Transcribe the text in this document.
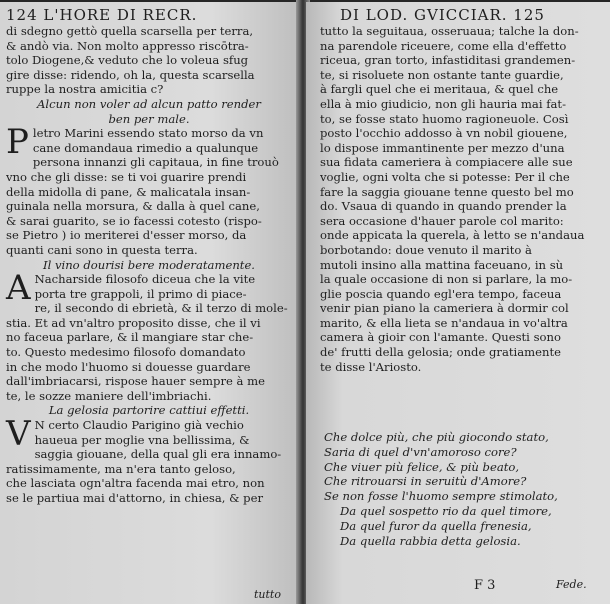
124 L'HORE DI RECR.
di sdegno gettò quella scarsella per terra,
& andò via. Non molto appresso riscōtra-
tolo Diogene,& veduto che lo voleua sfug
gire disse: ridendo, oh la, questa scarsella
ruppe la nostra amicitia c?
Alcun non voler ad alcun patto render
ben per male.
P letro Marini essendo stato morso da vn
cane domandaua rimedio a qualunque
persona innanzi gli capitaua, in fine trouò
vno che gli disse: se ti voi guarire prendi
della midolla di pane, & malicatala insan-
guinala nella morsura, & dalla à quel cane,
& sarai guarito, se io facessi cotesto (rispo-
se Pietro ) io meriterei d'esser morso, da
quanti cani sono in questa terra.
Il vino dourisi bere moderatamente.
A Nacharside filosofo diceua che la vite
porta tre grappoli, il primo di piace-
re, il secondo di ebrietà, & il terzo di mole-
stia. Et ad vn'altro proposito disse, che il vi
no faceua parlare, & il mangiare star che-
to. Questo medesimo filosofo domandato
in che modo l'huomo si douesse guardare
dall'imbriacarsi, rispose hauer sempre à me
te, le sozze maniere dell'imbriachi.
La gelosia partorire cattiui effetti.
V N certo Claudio Parigino già vechio
haueua per moglie vna bellissima, &
saggia giouane, della qual gli era innamo-
ratissimamente, ma n'era tanto geloso,
che lasciata ogn'altra facenda mai etro, non
se le partiua mai d'attorno, in chiesa, & per
tutto
DI LOD. GVICCIAR. 125
tutto la seguitaua, osseruaua; talche la don-
na parendole riceuere, come ella d'effetto
riceua, gran torto, infastiditasi grandemen-
te, si risoluete non ostante tante guardie,
à fargli quel che ei meritaua, & quel che
ella à mio giudicio, non gli hauria mai fat-
to, se fosse stato huomo ragioneuole. Così
posto l'occhio addosso à vn nobil giouene,
lo dispose immantinente per mezzo d'una
sua fidata cameriera à compiacere alle sue
voglie, ogni volta che si potesse: Per il che
fare la saggia giouane tenne questo bel mo
do. Vsaua di quando in quando prender la
sera occasione d'hauer parole col marito:
onde appicata la querela, à letto se n'andaua
borbotando: doue venuto il marito à
mutoli insino alla mattina faceuano, in sù
la quale occasione di non si parlare, la mo-
glie poscia quando egl'era tempo, faceua
venir pian piano la cameriera à dormir col
marito, & ella lieta se n'andaua in vo'altra
camera à gioir con l'amante. Questi sono
de' frutti della gelosia; onde gratiamente
te disse l'Ariosto.
Che dolce più, che più giocondo stato,
Saria di quel d'vn'amoroso core?
Che viuer più felice, & più beato,
Che ritrouarsi in seruitù d'Amore?
Se non fosse l'huomo sempre stimolato,
Da quel sospetto rio da quel timore,
Da quel furor da quella frenesia,
Da quella rabbia detta gelosia.
F 3	Fede.
